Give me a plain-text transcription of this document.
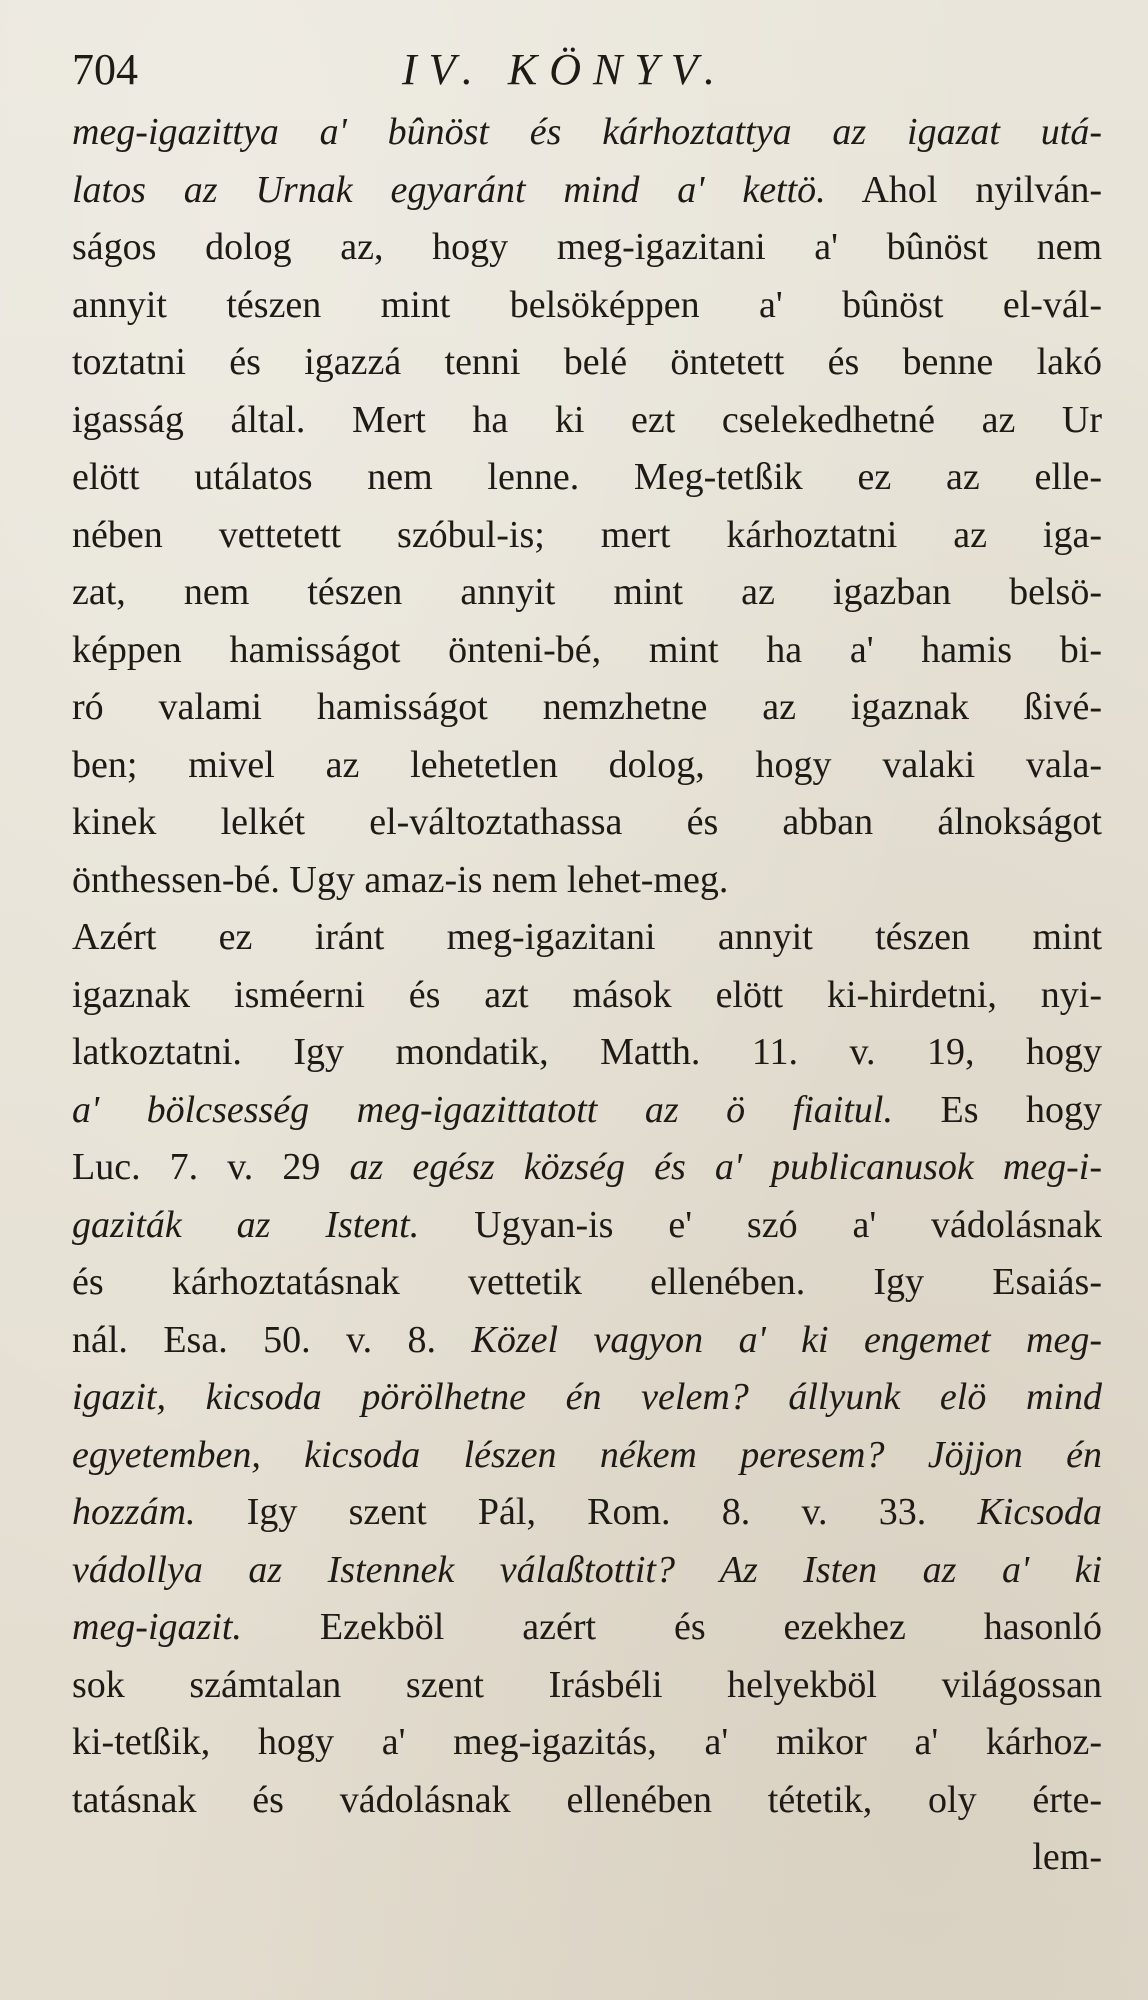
704	IV. KÖNYV.
meg-igazittya a' bûnöst és kárhoztattya az igazat utá-
latos az Urnak egyaránt mind a' kettö. Ahol nyilván-
ságos dolog az, hogy meg-igazitani a' bûnöst nem
annyit tészen mint belsöképpen a' bûnöst el-vál-
toztatni és igazzá tenni belé öntetett és benne lakó
igasság által. Mert ha ki ezt cselekedhetné az Ur
elött utálatos nem lenne. Meg-tetßik ez az elle-
nében vettetett szóbul-is; mert kárhoztatni az iga-
zat, nem tészen annyit mint az igazban belsö-
képpen hamisságot önteni-bé, mint ha a' hamis bi-
ró valami hamisságot nemzhetne az igaznak ßivé-
ben; mivel az lehetetlen dolog, hogy valaki vala-
kinek lelkét el-változtathassa és abban álnokságot
önthessen-bé. Ugy amaz-is nem lehet-meg.
Azért ez iránt meg-igazitani annyit tészen mint
igaznak isméerni és azt mások elött ki-hirdetni, nyi-
latkoztatni. Igy mondatik, Matth. 11. v. 19, hogy
a' bölcsesség meg-igazittatott az ö fiaitul. Es hogy
Luc. 7. v. 29 az egész község és a' publicanusok meg-i-
gaziták az Istent. Ugyan-is e' szó a' vádolásnak
és kárhoztatásnak vettetik ellenében. Igy Esaiás-
nál. Esa. 50. v. 8. Közel vagyon a' ki engemet meg-
igazit, kicsoda pörölhetne én velem? állyunk elö mind
egyetemben, kicsoda lészen nékem peresem? Jöjjon én
hozzám. Igy szent Pál, Rom. 8. v. 33. Kicsoda
vádollya az Istennek válaßtottit? Az Isten az a' ki
meg-igazit. Ezekböl azért és ezekhez hasonló
sok számtalan szent Irásbéli helyekböl világossan
ki-tetßik, hogy a' meg-igazitás, a' mikor a' kárhoz-
tatásnak és vádolásnak ellenében tétetik, oly érte-
lem-
